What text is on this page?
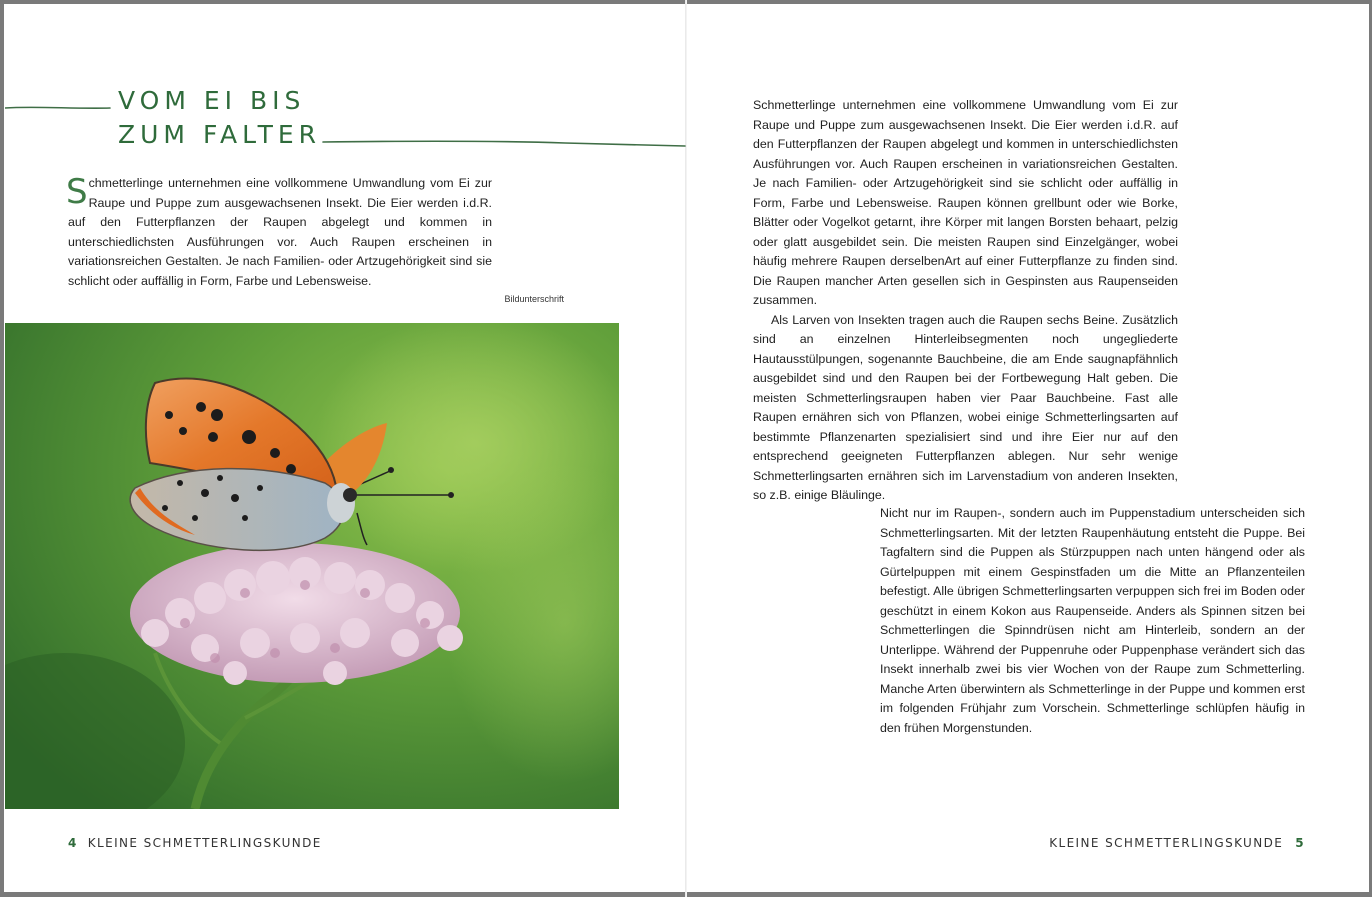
VOM EI BIS
ZUM FALTER

Schmetterlinge unternehmen eine vollkommene Umwandlung vom Ei zur Raupe und Puppe zum ausgewachsenen Insekt. Die Eier werden i.d.R. auf den Futterpflanzen der Raupen abgelegt und kommen in unterschiedlichsten Ausführungen vor. Auch Raupen erscheinen in variationsreichen Gestalten. Je nach Familien- oder Artzugehörigkeit sind sie schlicht oder auffällig in Form, Farbe und Lebensweise.

Bildunterschrift

Schmetterlinge unternehmen eine vollkommene Umwandlung vom Ei zur Raupe und Puppe zum ausgewachsenen Insekt. Die Eier werden i.d.R. auf den Futterpflanzen der Raupen abgelegt und kommen in unterschiedlichsten Ausführungen vor. Auch Raupen erscheinen in variationsreichen Gestalten. Je nach Familien- oder Artzugehörigkeit sind sie schlicht oder auffällig in Form, Farbe und Lebensweise. Raupen können grellbunt oder wie Borke, Blätter oder Vogelkot getarnt, ihre Körper mit langen Borsten behaart, pelzig oder glatt ausgebildet sein. Die meisten Raupen sind Einzelgänger, wobei häufig mehrere Raupen derselbenArt auf einer Futterpflanze zu finden sind. Die Raupen mancher Arten gesellen sich in Gespinsten aus Raupenseiden zusammen.
Als Larven von Insekten tragen auch die Raupen sechs Beine. Zusätzlich sind an einzelnen Hinterleibsegmenten noch ungegliederte Hautausstülpungen, sogenannte Bauchbeine, die am Ende saugnapfähnlich ausgebildet sind und den Raupen bei der Fortbewegung Halt geben. Die meisten Schmetterlingsraupen haben vier Paar Bauchbeine. Fast alle Raupen ernähren sich von Pflanzen, wobei einige Schmetterlingsarten auf bestimmte Pflanzenarten spezialisiert sind und ihre Eier nur auf den entsprechend geeigneten Futterpflanzen ablegen. Nur sehr wenige Schmetterlingsarten ernähren sich im Larvenstadium von anderen Insekten, so z.B. einige Bläulinge.

Nicht nur im Raupen-, sondern auch im Puppenstadium unterscheiden sich Schmetterlingsarten. Mit der letzten Raupenhäutung entsteht die Puppe. Bei Tagfaltern sind die Puppen als Stürzpuppen nach unten hängend oder als Gürtelpuppen mit einem Gespinstfaden um die Mitte an Pflanzenteilen befestigt. Alle übrigen Schmetterlingsarten verpuppen sich frei im Boden oder geschützt in einem Kokon aus Raupenseide. Anders als Spinnen sitzen bei Schmetterlingen die Spinndrüsen nicht am Hinterleib, sondern an der Unterlippe. Während der Puppenruhe oder Puppenphase verändert sich das Insekt innerhalb zwei bis vier Wochen von der Raupe zum Schmetterling. Manche Arten überwintern als Schmetterlinge in der Puppe und kommen erst im folgenden Frühjahr zum Vorschein. Schmetterlinge schlüpfen häufig in den frühen Morgenstunden.

4 KLEINE SCHMETTERLINGSKUNDE	KLEINE SCHMETTERLINGSKUNDE 5
